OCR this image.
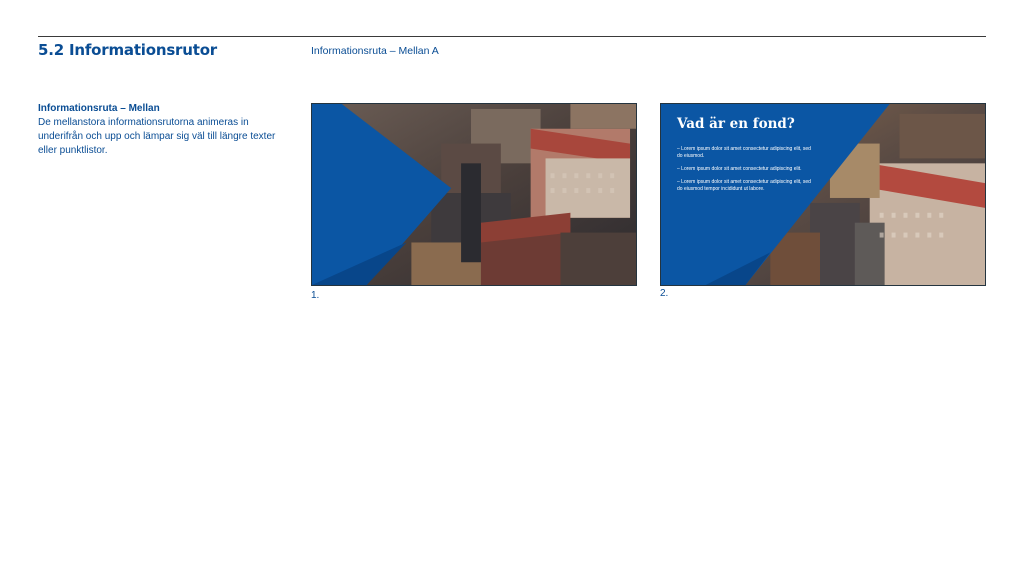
5.2 Informationsrutor	Informationsruta – Mellan A
Informationsruta – Mellan
De mellanstora informationsrutorna animeras in underifrån och upp och lämpar sig väl till längre texter eller punktlistor.
1.
Vad är en fond?
– Lorem ipsum dolor sit amet consectetur adipiscing elit, sed do eiusmod.
– Lorem ipsum dolor sit amet consectetur adipiscing elit.
– Lorem ipsum dolor sit amet consectetur adipiscing elit, sed do eiusmod tempor incididunt ut labore.
2.
